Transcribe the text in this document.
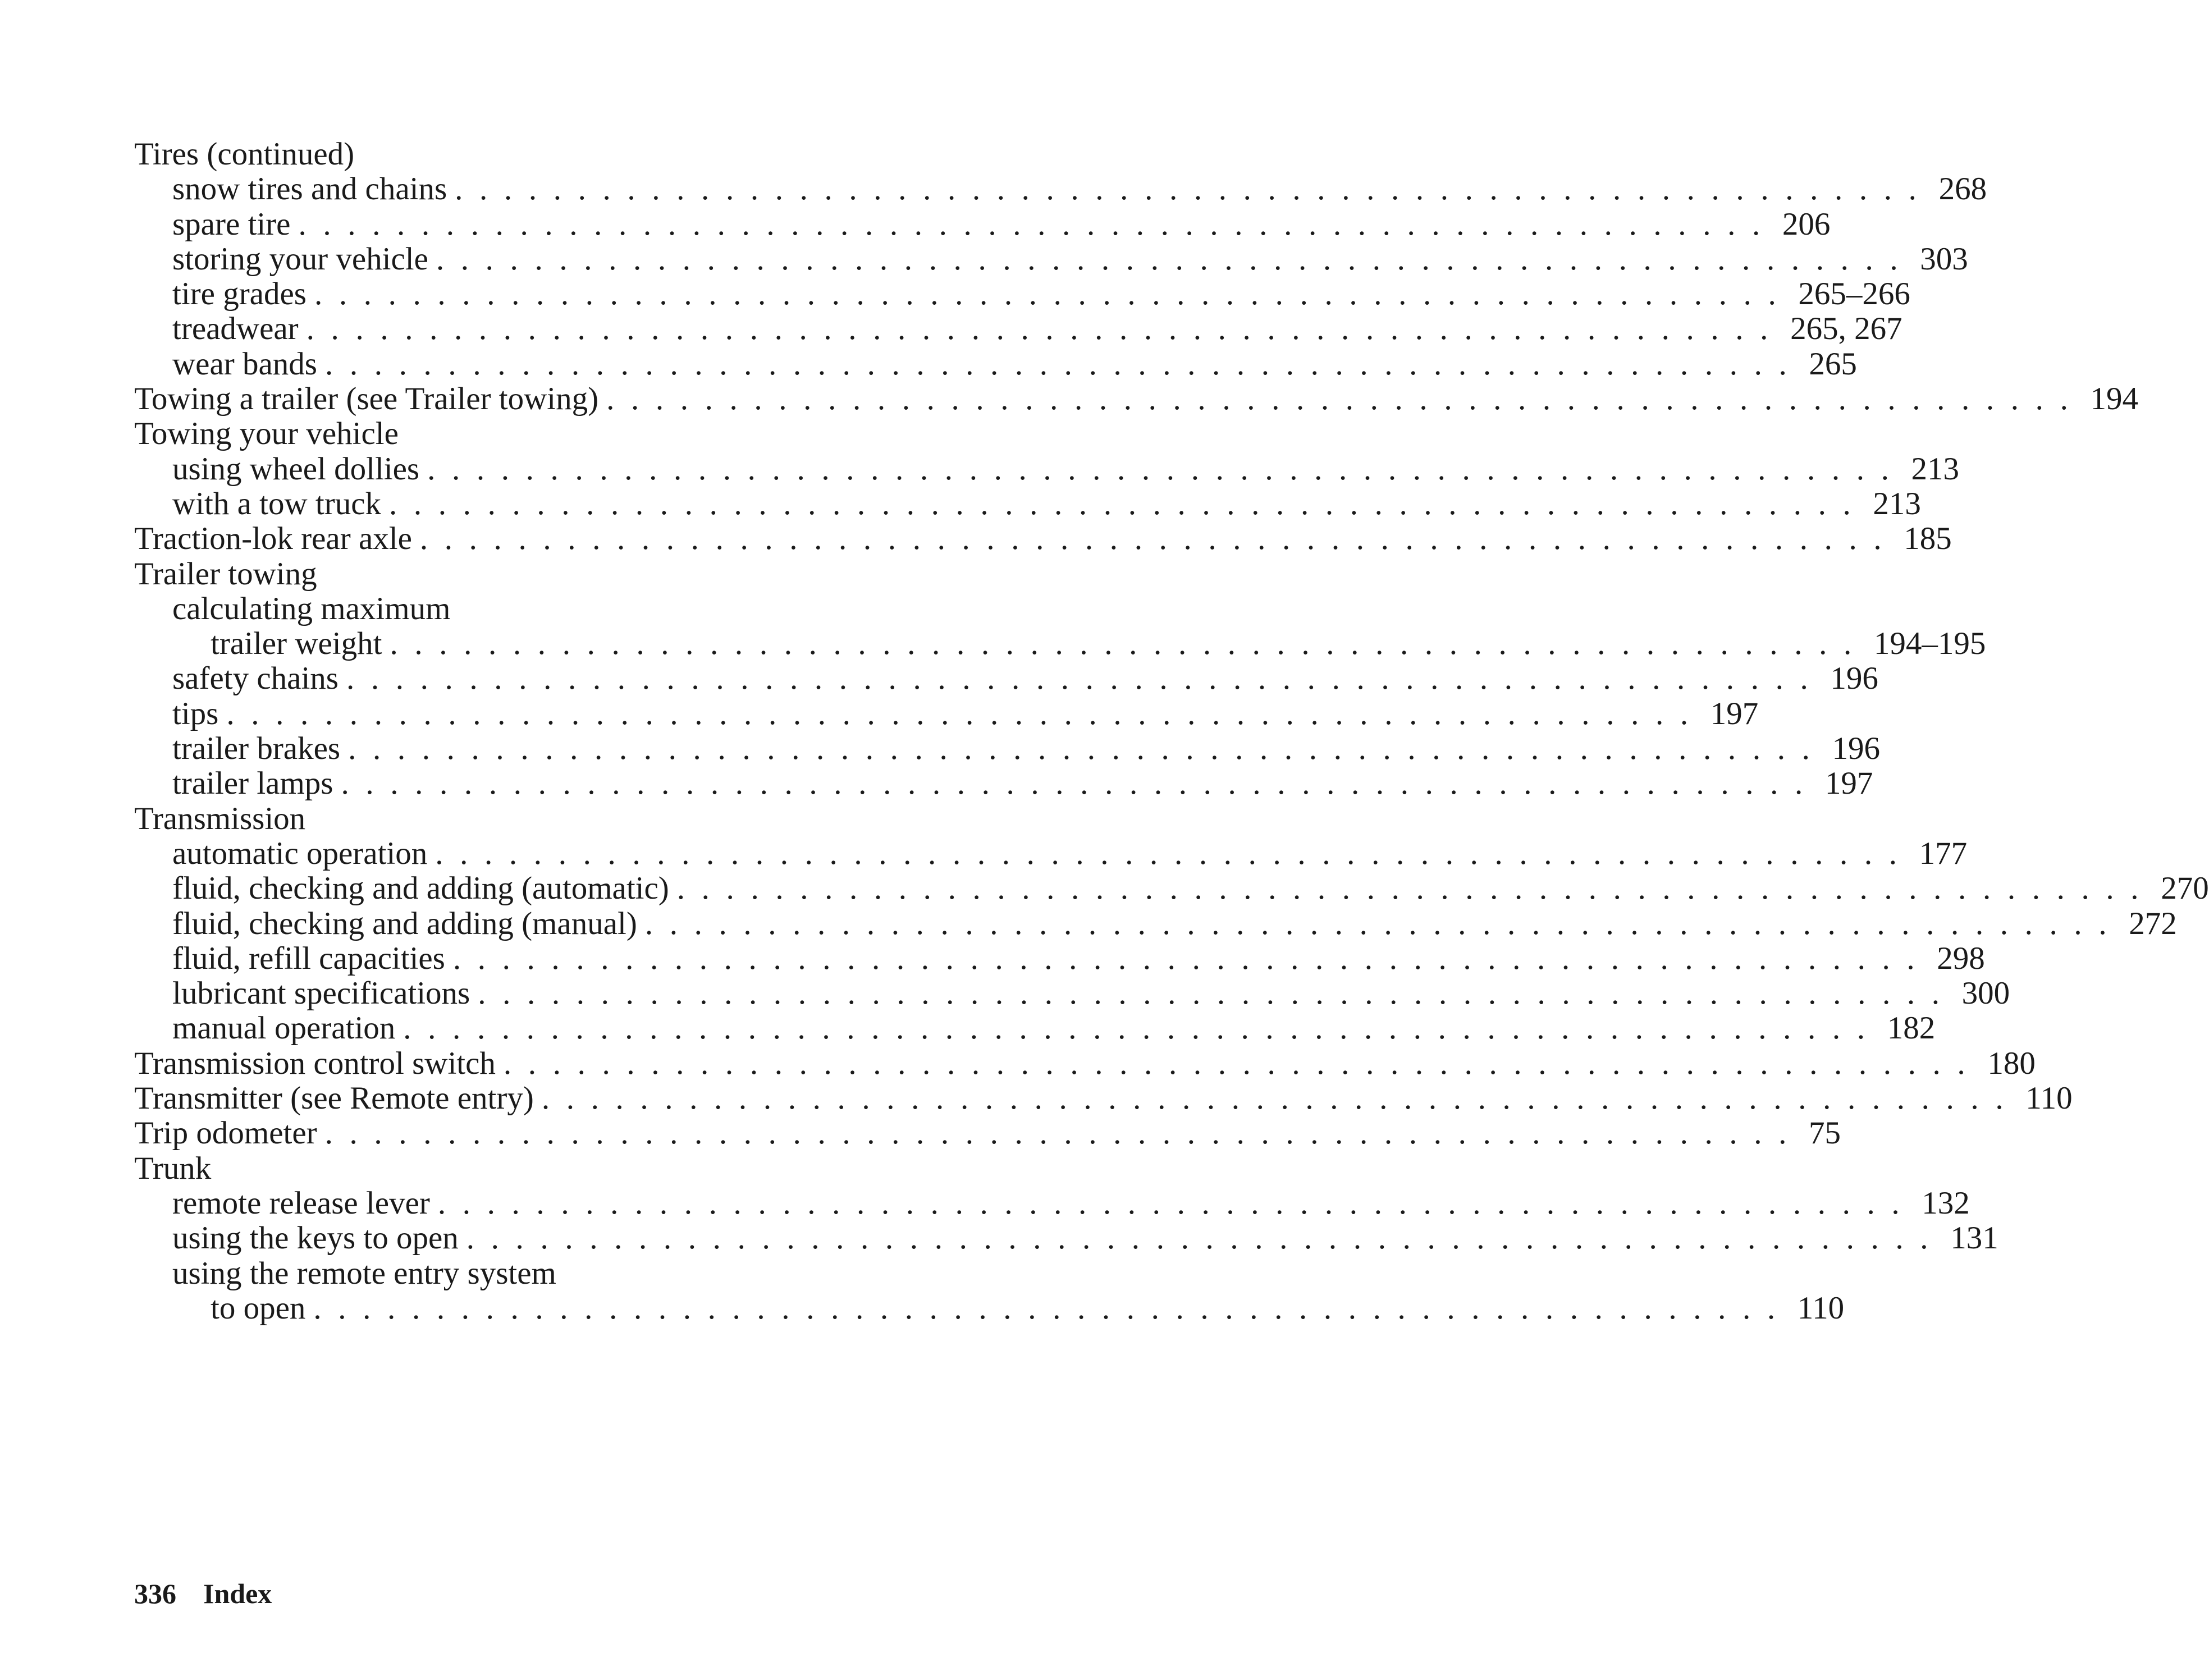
Tires (continued)
snow tires and chains ............................................................ 268
spare tire ............................................................ 206
storing your vehicle ............................................................ 303
tire grades ............................................................ 265–266
treadwear ............................................................ 265, 267
wear bands ............................................................ 265
Towing a trailer (see Trailer towing) ............................................................ 194
Towing your vehicle
using wheel dollies ............................................................ 213
with a tow truck ............................................................ 213
Traction-lok rear axle ............................................................ 185
Trailer towing
calculating maximum
trailer weight ............................................................ 194–195
safety chains ............................................................ 196
tips ............................................................ 197
trailer brakes ............................................................ 196
trailer lamps ............................................................ 197
Transmission
automatic operation ............................................................ 177
fluid, checking and adding (automatic) ............................................................ 270
fluid, checking and adding (manual) ............................................................ 272
fluid, refill capacities ............................................................ 298
lubricant specifications ............................................................ 300
manual operation ............................................................ 182
Transmission control switch ............................................................ 180
Transmitter (see Remote entry) ............................................................ 110
Trip odometer ............................................................ 75
Trunk
remote release lever ............................................................ 132
using the keys to open ............................................................ 131
using the remote entry system
to open ............................................................ 110
336 Index
